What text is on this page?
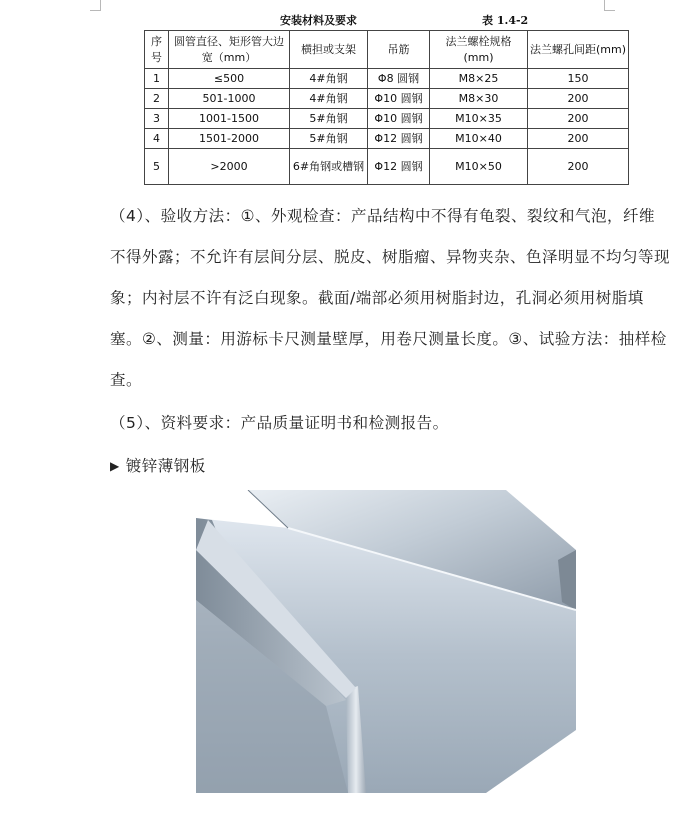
安装材料及要求	表 1.4-2
序号	圆管直径、矩形管大边宽（mm）	横担或支架	吊筋	法兰螺栓规格(mm)	法兰螺孔间距(mm)
1	≤500	4#角钢	Φ8 圆钢	M8×25	150
2	501-1000	4#角钢	Φ10 圆钢	M8×30	200
3	1001-1500	5#角钢	Φ10 圆钢	M10×35	200
4	1501-2000	5#角钢	Φ12 圆钢	M10×40	200
5	>2000	6#角钢或槽钢	Φ12 圆钢	M10×50	200

（4）、验收方法：①、外观检查：产品结构中不得有龟裂、裂纹和气泡，纤维不得外露；不允许有层间分层、脱皮、树脂瘤、异物夹杂、色泽明显不均匀等现象；内衬层不许有泛白现象。截面/端部必须用树脂封边，孔洞必须用树脂填塞。②、测量：用游标卡尺测量壁厚，用卷尺测量长度。③、试验方法：抽样检查。

（5）、资料要求：产品质量证明书和检测报告。

▶ 镀锌薄钢板
